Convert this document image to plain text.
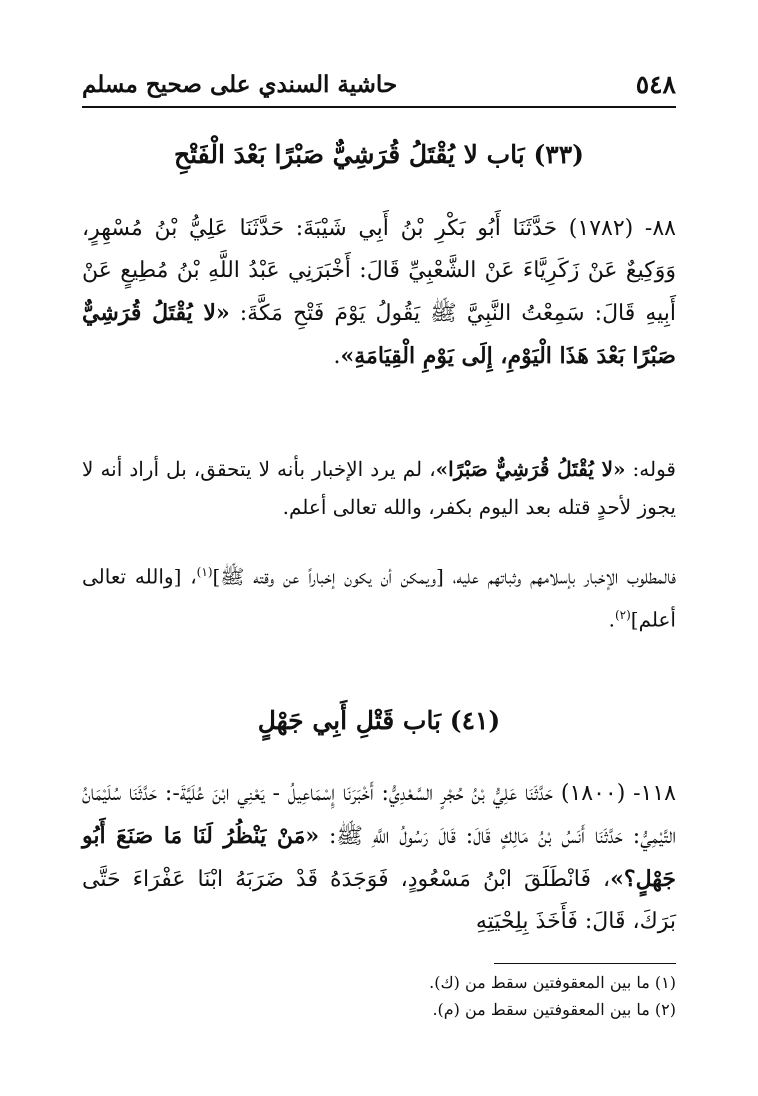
٥٤٨
حاشية السندي على صحيح مسلم
(٣٣) بَاب لا يُقْتَلُ قُرَشِيٌّ صَبْرًا بَعْدَ الْفَتْحِ
٨٨- (١٧٨٢) حَدَّثَنَا أَبُو بَكْرِ بْنُ أَبِي شَيْبَةَ: حَدَّثَنَا عَلِيُّ بْنُ مُسْهِرٍ، وَوَكِيعٌ عَنْ زَكَرِيَّاءَ عَنْ الشَّعْبِيِّ قَالَ: أَخْبَرَنِي عَبْدُ اللَّهِ بْنُ مُطِيعٍ عَنْ أَبِيهِ قَالَ: سَمِعْتُ النَّبِيَّ ﷺ يَقُولُ يَوْمَ فَتْحِ مَكَّةَ: «لا يُقْتَلُ قُرَشِيٌّ صَبْرًا بَعْدَ هَذَا الْيَوْمِ، إِلَى يَوْمِ الْقِيَامَةِ».
قوله: «لا يُقْتَلُ قُرَشِيٌّ صَبْرًا»، لم يرد الإخبار بأنه لا يتحقق، بل أراد أنه لا يجوز لأحدٍ قتله بعد اليوم بكفر، والله تعالى أعلم.
فالمطلوب الإخبار بإسلامهم وثباتهم عليه، [ويمكن أن يكون إخباراً عن وقته ﷺ]$^{(١)}$، [والله تعالى أعلم]$^{(٢)}$.
(٤١) بَاب قَتْلِ أَبِي جَهْلٍ
١١٨- (١٨٠٠) حَدَّثَنَا عَلِيُّ بْنُ حُجْرٍ السَّعْدِيُّ: أَخْبَرَنَا إِسْمَاعِيلُ - يَعْنِي ابْنَ عُلَيَّةَ-: حَدَّثَنَا سُلَيْمَانُ التَّيْمِيُّ: حَدَّثَنَا أَنَسُ بْنُ مَالِكٍ قَالَ: قَالَ رَسُولُ اللَّهِ ﷺ: «مَنْ يَنْظُرُ لَنَا مَا صَنَعَ أَبُو جَهْلٍ؟»، فَانْطَلَقَ ابْنُ مَسْعُودٍ، فَوَجَدَهُ قَدْ ضَرَبَهُ ابْنَا عَفْرَاءَ حَتَّى بَرَكَ، قَالَ: فَأَخَذَ بِلِحْيَتِهِ
(١) ما بين المعقوفتين سقط من (ك).
(٢) ما بين المعقوفتين سقط من (م).
